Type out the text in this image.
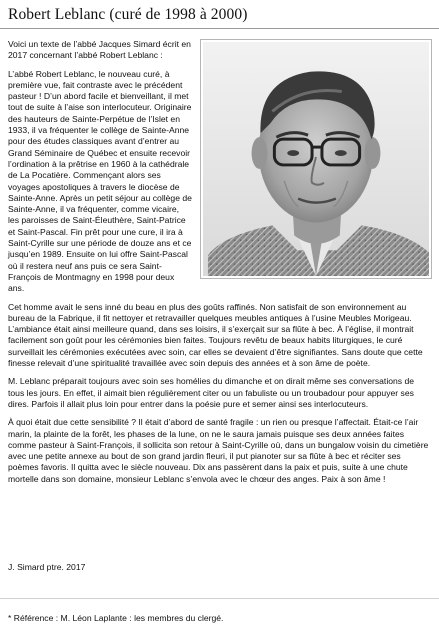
Robert Leblanc (curé de 1998 à 2000)

Voici un texte de l’abbé Jacques Simard écrit en 2017 concernant l’abbé Robert Leblanc :

L’abbé Robert Leblanc, le nouveau curé, à première vue, fait contraste avec le précédent pasteur ! D’un abord facile et bienveillant, il met tout de suite à l’aise son interlocuteur. Originaire des hauteurs de Sainte-Perpétue de l’Islet en 1933, il va fréquenter le collège de Sainte-Anne pour des études classiques avant d’entrer au Grand Séminaire de Québec et ensuite recevoir l’ordination à la prêtrise en 1960 à la cathédrale de La Pocatière. Commençant alors ses voyages apostoliques à travers le diocèse de Sainte-Anne. Après un petit séjour au collège de Sainte-Anne, il va fréquenter, comme vicaire, les paroisses de Saint-Éleuthère, Saint-Patrice et Saint-Pascal. Fin prêt pour une cure, il ira à Saint-Cyrille sur une période de douze ans et ce jusqu’en 1989. Ensuite on lui offre Saint-Pascal où il restera neuf ans puis ce sera Saint-François de Montmagny en 1998 pour deux ans.

Cet homme avait le sens inné du beau en plus des goûts raffinés. Non satisfait de son environnement au bureau de la Fabrique, il fit nettoyer et retravailler quelques meubles antiques à l’usine Meubles Morigeau. L’ambiance était ainsi meilleure quand, dans ses loisirs, il s’exerçait sur sa flûte à bec. À l’église, il montrait facilement son goût pour les cérémonies bien faites. Toujours revêtu de beaux habits liturgiques, le curé surveillait les cérémonies exécutées avec soin, car elles se devaient d’être signifiantes. Sans doute que cette finesse relevait d’une spiritualité travaillée avec soin depuis des années et à son âme de poète.

M. Leblanc préparait toujours avec soin ses homélies du dimanche et on dirait même ses conversations de tous les jours. En effet, il aimait bien régulièrement citer ou un fabuliste ou un troubadour pour appuyer ses dires. Parfois il allait plus loin pour entrer dans la poésie pure et semer ainsi ses interlocuteurs.

À quoi était due cette sensibilité ? Il était d’abord de santé fragile : un rien ou presque l’affectait. Était-ce l’air marin, la plainte de la forêt, les phases de la lune, on ne le saura jamais puisque ses deux années faites comme pasteur à Saint-François, il sollicita son retour à Saint-Cyrille où, dans un bungalow voisin du cimetière avec une petite annexe au bout de son grand jardin fleuri, il put pianoter sur sa flûte à bec et réciter ses poèmes favoris. Il quitta avec le siècle nouveau. Dix ans passèrent dans la paix et puis, suite à une chute mortelle dans son domaine, monsieur Leblanc s’envola avec le chœur des anges. Paix à son âme !

J. Simard ptre. 2017
* Référence : M. Léon Laplante : les membres du clergé.
